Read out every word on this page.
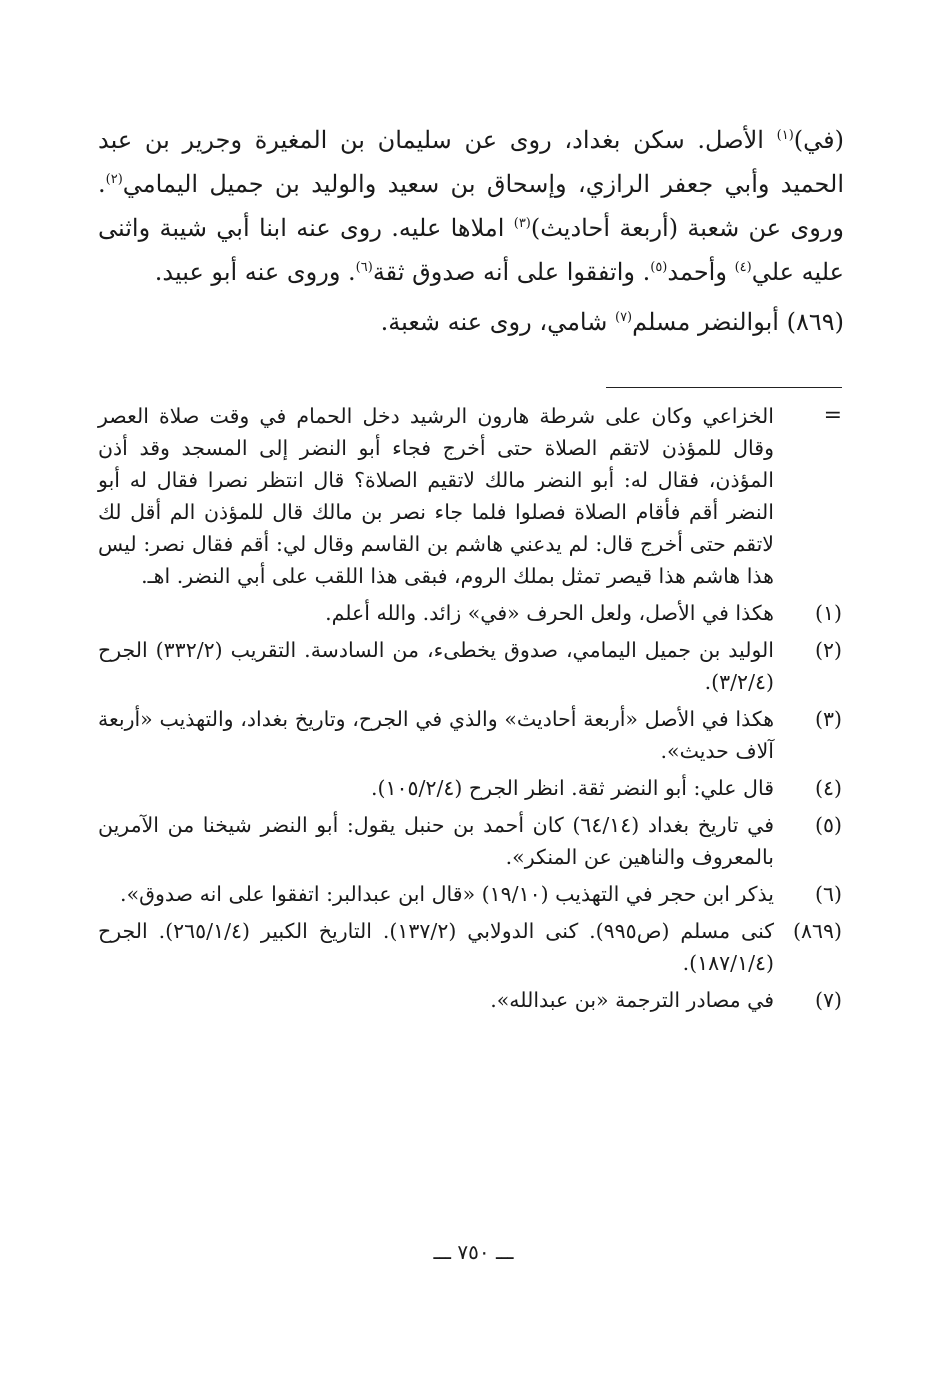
(في)$^{(١)}$ الأصل. سكن بغداد، روى عن سليمان بن المغيرة وجرير بن عبد الحميد وأبي جعفر الرازي، وإسحاق بن سعيد والوليد بن جميل اليمامي$^{(٢)}$. وروى عن شعبة (أربعة أحاديث)$^{(٣)}$ املاها عليه. روى عنه ابنا أبي شيبة واثنى عليه علي$^{(٤)}$ وأحمد$^{(٥)}$. واتفقوا على أنه صدوق ثقة$^{(٦)}$. وروى عنه أبو عبيد.

(٨٦٩) أبوالنضر مسلم$^{(٧)}$ شامي، روى عنه شعبة.

=
الخزاعي وكان على شرطة هارون الرشيد دخل الحمام في وقت صلاة العصر وقال للمؤذن لاتقم الصلاة حتى أخرج فجاء أبو النضر إلى المسجد وقد أذن المؤذن، فقال له: أبو النضر مالك لاتقيم الصلاة؟ قال انتظر نصرا فقال له أبو النضر أقم فأقام الصلاة فصلوا فلما جاء نصر بن مالك قال للمؤذن الم أقل لك لاتقم حتى أخرج قال: لم يدعني هاشم بن القاسم وقال لي: أقم فقال نصر: ليس هذا هاشم هذا قيصر تمثل بملك الروم، فبقى هذا اللقب على أبي النضر. اهـ.
(١)
هكذا في الأصل، ولعل الحرف «في» زائد. والله أعلم.
(٢)
الوليد بن جميل اليمامي، صدوق يخطىء، من السادسة. التقريب (٣٣٢/٢) الجرح (٣/٢/٤).
(٣)
هكذا في الأصل «أربعة أحاديث» والذي في الجرح، وتاريخ بغداد، والتهذيب «أربعة آلاف حديث».
(٤)
قال علي: أبو النضر ثقة. انظر الجرح (١٠٥/٢/٤).
(٥)
في تاريخ بغداد (٦٤/١٤) كان أحمد بن حنبل يقول: أبو النضر شيخنا من الآمرين بالمعروف والناهين عن المنكر».
(٦)
يذكر ابن حجر في التهذيب (١٩/١٠) «قال ابن عبدالبر: اتفقوا على انه صدوق».
(٨٦٩)
كنى مسلم (ص٩٩٥). كنى الدولابي (١٣٧/٢). التاريخ الكبير (٢٦٥/١/٤). الجرح (١٨٧/١/٤).
(٧)
في مصادر الترجمة «بن عبدالله».
ـــ ٧٥٠ ـــ
